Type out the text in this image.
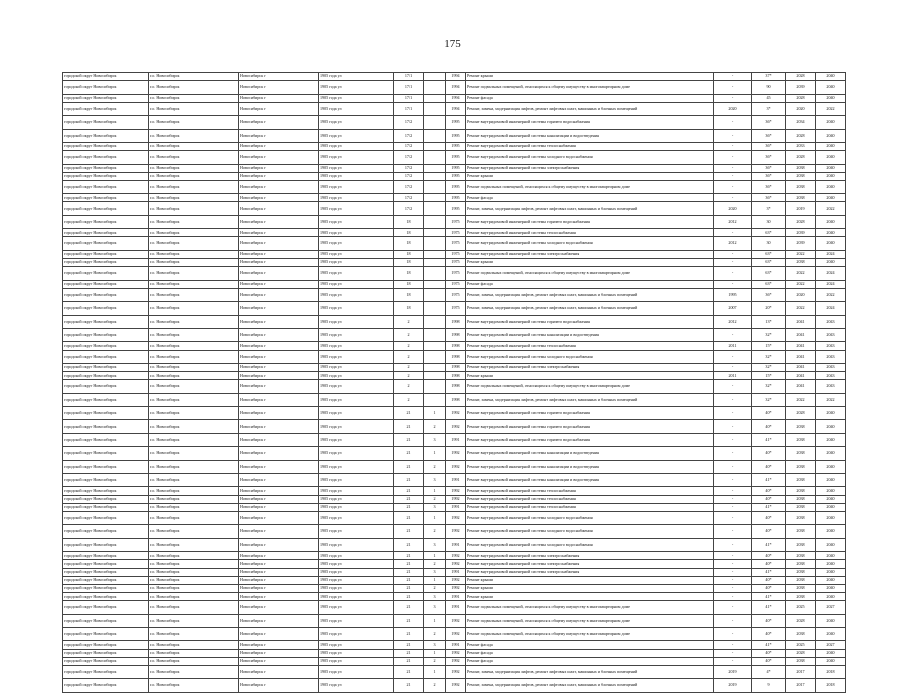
175
городской округ Новосибирск	г.о. Новосибирск	Новосибирск г	1905 года ул	17/1		1994	Ремонт крыши	-	37*	2028	2040
городской округ Новосибирск	г.о. Новосибирск	Новосибирск г	1905 года ул	17/1		1994	Ремонт подвальных помещений, относящихся к общему имуществу в многоквартирном доме	-	90	2039	2040
городской округ Новосибирск	г.о. Новосибирск	Новосибирск г	1905 года ул	17/1		1994	Ремонт фасада	-	45	2028	2040
городской округ Новосибирск	г.о. Новосибирск	Новосибирск г	1905 года ул	17/1		1994	Ремонт, замена, модернизация лифтов, ремонт лифтовых шахт, машинных и блочных помещений	2020	3*	2020	2022
городской округ Новосибирск	г.о. Новосибирск	Новосибирск г	1905 года ул	17/2		1995	Ремонт внутридомовой инженерной системы горячего водоснабжения	-	36*	2034	2040
городской округ Новосибирск	г.о. Новосибирск	Новосибирск г	1905 года ул	17/2		1995	Ремонт внутридомовой инженерной системы канализации и водоотведения	-	36*	2028	2040
городской округ Новосибирск	г.о. Новосибирск	Новосибирск г	1905 года ул	17/2		1995	Ремонт внутридомовой инженерной системы теплоснабжения	-	36*	2033	2040
городской округ Новосибирск	г.о. Новосибирск	Новосибирск г	1905 года ул	17/2		1995	Ремонт внутридомовой инженерной системы холодного водоснабжения	-	36*	2028	2040
городской округ Новосибирск	г.о. Новосибирск	Новосибирск г	1905 года ул	17/2		1995	Ремонт внутридомовой инженерной системы электроснабжения	-	36*	2038	2040
городской округ Новосибирск	г.о. Новосибирск	Новосибирск г	1905 года ул	17/2		1995	Ремонт крыши	-	36*	2038	2040
городской округ Новосибирск	г.о. Новосибирск	Новосибирск г	1905 года ул	17/2		1995	Ремонт подвальных помещений, относящихся к общему имуществу в многоквартирном доме	-	36*	2038	2040
городской округ Новосибирск	г.о. Новосибирск	Новосибирск г	1905 года ул	17/2		1995	Ремонт фасада	-	36*	2038	2040
городской округ Новосибирск	г.о. Новосибирск	Новосибирск г	1905 года ул	17/2		1995	Ремонт, замена, модернизация лифтов, ремонт лифтовых шахт, машинных и блочных помещений	2020	3*	2019	2022
городской округ Новосибирск	г.о. Новосибирск	Новосибирск г	1905 года ул	18		1975	Ремонт внутридомовой инженерной системы горячего водоснабжения	2012	30	2028	2040
городской округ Новосибирск	г.о. Новосибирск	Новосибирск г	1905 года ул	18		1975	Ремонт внутридомовой инженерной системы теплоснабжения	-	63*	2039	2040
городской округ Новосибирск	г.о. Новосибирск	Новосибирск г	1905 года ул	18		1975	Ремонт внутридомовой инженерной системы холодного водоснабжения	2012	30	2039	2040
городской округ Новосибирск	г.о. Новосибирск	Новосибирск г	1905 года ул	18		1975	Ремонт внутридомовой инженерной системы электроснабжения	-	63*	2022	2024
городской округ Новосибирск	г.о. Новосибирск	Новосибирск г	1905 года ул	18		1975	Ремонт крыши	-	63*	2038	2040
городской округ Новосибирск	г.о. Новосибирск	Новосибирск г	1905 года ул	18		1975	Ремонт подвальных помещений, относящихся к общему имуществу в многоквартирном доме	-	63*	2022	2024
городской округ Новосибирск	г.о. Новосибирск	Новосибирск г	1905 года ул	18		1975	Ремонт фасада	-	63*	2022	2024
городской округ Новосибирск	г.о. Новосибирск	Новосибирск г	1905 года ул	18		1975	Ремонт, замена, модернизация лифтов, ремонт лифтовых шахт, машинных и блочных помещений	1995	36*	2020	2022
городской округ Новосибирск	г.о. Новосибирск	Новосибирск г	1905 года ул	18		1975	Ремонт, замена, модернизация лифтов, ремонт лифтовых шахт, машинных и блочных помещений	2007	20*	2022	2024
городской округ Новосибирск	г.о. Новосибирск	Новосибирск г	1905 года ул	2		1998	Ремонт внутридомовой инженерной системы горячего водоснабжения	2012	13*	2041	2043
городской округ Новосибирск	г.о. Новосибирск	Новосибирск г	1905 года ул	2		1998	Ремонт внутридомовой инженерной системы канализации и водоотведения	-	32*	2041	2043
городской округ Новосибирск	г.о. Новосибирск	Новосибирск г	1905 года ул	2		1998	Ремонт внутридомовой инженерной системы теплоснабжения	2011	15*	2041	2043
городской округ Новосибирск	г.о. Новосибирск	Новосибирск г	1905 года ул	2		1998	Ремонт внутридомовой инженерной системы холодного водоснабжения	-	32*	2041	2043
городской округ Новосибирск	г.о. Новосибирск	Новосибирск г	1905 года ул	2		1998	Ремонт внутридомовой инженерной системы электроснабжения	-	32*	2041	2043
городской округ Новосибирск	г.о. Новосибирск	Новосибирск г	1905 года ул	2		1998	Ремонт крыши	2011	15*	2041	2043
городской округ Новосибирск	г.о. Новосибирск	Новосибирск г	1905 года ул	2		1998	Ремонт подвальных помещений, относящихся к общему имуществу в многоквартирном доме	-	32*	2041	2043
городской округ Новосибирск	г.о. Новосибирск	Новосибирск г	1905 года ул	2		1998	Ремонт, замена, модернизация лифтов, ремонт лифтовых шахт, машинных и блочных помещений	-	32*	2022	2022
городской округ Новосибирск	г.о. Новосибирск	Новосибирск г	1905 года ул	21	1	1992	Ремонт внутридомовой инженерной системы горячего водоснабжения	-	40*	2028	2040
городской округ Новосибирск	г.о. Новосибирск	Новосибирск г	1905 года ул	21	2	1992	Ремонт внутридомовой инженерной системы горячего водоснабжения	-	40*	2038	2040
городской округ Новосибирск	г.о. Новосибирск	Новосибирск г	1905 года ул	21	3	1991	Ремонт внутридомовой инженерной системы горячего водоснабжения	-	41*	2038	2040
городской округ Новосибирск	г.о. Новосибирск	Новосибирск г	1905 года ул	21	1	1992	Ремонт внутридомовой инженерной системы канализации и водоотведения	-	40*	2038	2040
городской округ Новосибирск	г.о. Новосибирск	Новосибирск г	1905 года ул	21	2	1992	Ремонт внутридомовой инженерной системы канализации и водоотведения	-	40*	2038	2040
городской округ Новосибирск	г.о. Новосибирск	Новосибирск г	1905 года ул	21	3	1991	Ремонт внутридомовой инженерной системы канализации и водоотведения	-	41*	2038	2040
городской округ Новосибирск	г.о. Новосибирск	Новосибирск г	1905 года ул	21	1	1992	Ремонт внутридомовой инженерной системы теплоснабжения	-	40*	2038	2040
городской округ Новосибирск	г.о. Новосибирск	Новосибирск г	1905 года ул	21	2	1992	Ремонт внутридомовой инженерной системы теплоснабжения	-	40*	2038	2040
городской округ Новосибирск	г.о. Новосибирск	Новосибирск г	1905 года ул	21	3	1991	Ремонт внутридомовой инженерной системы теплоснабжения	-	41*	2038	2040
городской округ Новосибирск	г.о. Новосибирск	Новосибирск г	1905 года ул	21	1	1992	Ремонт внутридомовой инженерной системы холодного водоснабжения	-	40*	2038	2040
городской округ Новосибирск	г.о. Новосибирск	Новосибирск г	1905 года ул	21	2	1992	Ремонт внутридомовой инженерной системы холодного водоснабжения	-	40*	2038	2040
городской округ Новосибирск	г.о. Новосибирск	Новосибирск г	1905 года ул	21	3	1991	Ремонт внутридомовой инженерной системы холодного водоснабжения	-	41*	2038	2040
городской округ Новосибирск	г.о. Новосибирск	Новосибирск г	1905 года ул	21	1	1992	Ремонт внутридомовой инженерной системы электроснабжения	-	40*	2038	2040
городской округ Новосибирск	г.о. Новосибирск	Новосибирск г	1905 года ул	21	2	1992	Ремонт внутридомовой инженерной системы электроснабжения	-	40*	2038	2040
городской округ Новосибирск	г.о. Новосибирск	Новосибирск г	1905 года ул	21	3	1991	Ремонт внутридомовой инженерной системы электроснабжения	-	41*	2038	2040
городской округ Новосибирск	г.о. Новосибирск	Новосибирск г	1905 года ул	21	1	1992	Ремонт крыши	-	40*	2038	2040
городской округ Новосибирск	г.о. Новосибирск	Новосибирск г	1905 года ул	21	2	1992	Ремонт крыши	-	40*	2038	2040
городской округ Новосибирск	г.о. Новосибирск	Новосибирск г	1905 года ул	21	3	1991	Ремонт крыши	-	41*	2038	2040
городской округ Новосибирск	г.о. Новосибирск	Новосибирск г	1905 года ул	21	3	1991	Ремонт подвальных помещений, относящихся к общему имуществу в многоквартирном доме	-	41*	2025	2027
городской округ Новосибирск	г.о. Новосибирск	Новосибирск г	1905 года ул	21	1	1992	Ремонт подвальных помещений, относящихся к общему имуществу в многоквартирном доме	-	40*	2028	2040
городской округ Новосибирск	г.о. Новосибирск	Новосибирск г	1905 года ул	21	2	1992	Ремонт подвальных помещений, относящихся к общему имуществу в многоквартирном доме	-	40*	2038	2040
городской округ Новосибирск	г.о. Новосибирск	Новосибирск г	1905 года ул	21	3	1991	Ремонт фасада	-	41*	2025	2027
городской округ Новосибирск	г.о. Новосибирск	Новосибирск г	1905 года ул	21	1	1992	Ремонт фасада	-	40*	2028	2040
городской округ Новосибирск	г.о. Новосибирск	Новосибирск г	1905 года ул	21	2	1992	Ремонт фасада	-	40*	2038	2040
городской округ Новосибирск	г.о. Новосибирск	Новосибирск г	1905 года ул	21	1	1992	Ремонт, замена, модернизация лифтов, ремонт лифтовых шахт, машинных и блочных помещений	2019	4*	2017	2018
городской округ Новосибирск	г.о. Новосибирск	Новосибирск г	1905 года ул	21	2	1992	Ремонт, замена, модернизация лифтов, ремонт лифтовых шахт, машинных и блочных помещений	2019	9	2017	2018
